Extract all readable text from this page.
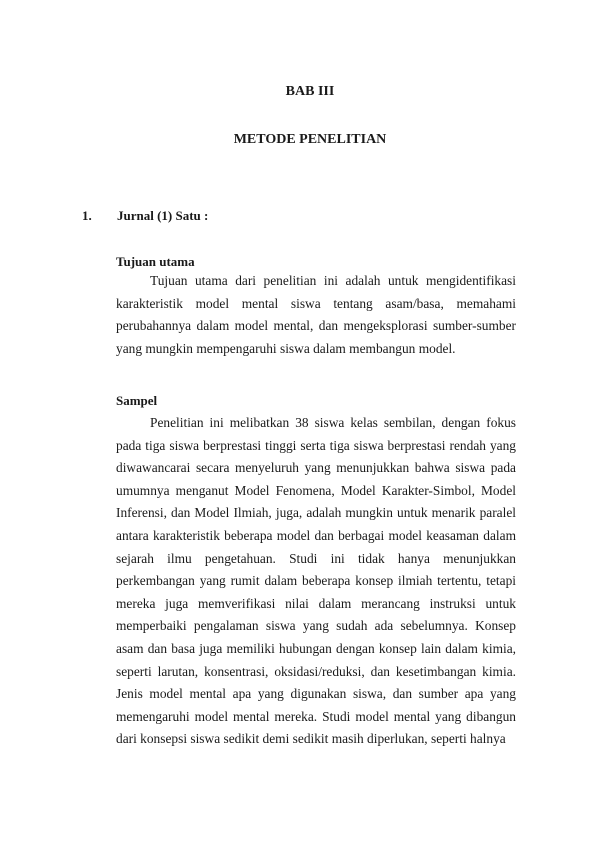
BAB III
METODE PENELITIAN
1. Jurnal (1) Satu :
Tujuan utama

Tujuan utama dari penelitian ini adalah untuk mengidentifikasi karakteristik model mental siswa tentang asam/basa, memahami perubahannya dalam model mental, dan mengeksplorasi sumber-sumber yang mungkin mempengaruhi siswa dalam membangun model.

Sampel

Penelitian ini melibatkan 38 siswa kelas sembilan, dengan fokus pada tiga siswa berprestasi tinggi serta tiga siswa berprestasi rendah yang diwawancarai secara menyeluruh yang menunjukkan bahwa siswa pada umumnya menganut Model Fenomena, Model Karakter-Simbol, Model Inferensi, dan Model Ilmiah, juga, adalah mungkin untuk menarik paralel antara karakteristik beberapa model dan berbagai model keasaman dalam sejarah ilmu pengetahuan. Studi ini tidak hanya menunjukkan perkembangan yang rumit dalam beberapa konsep ilmiah tertentu, tetapi mereka juga memverifikasi nilai dalam merancang instruksi untuk memperbaiki pengalaman siswa yang sudah ada sebelumnya. Konsep asam dan basa juga memiliki hubungan dengan konsep lain dalam kimia, seperti larutan, konsentrasi, oksidasi/reduksi, dan kesetimbangan kimia. Jenis model mental apa yang digunakan siswa, dan sumber apa yang memengaruhi model mental mereka. Studi model mental yang dibangun dari konsepsi siswa sedikit demi sedikit masih diperlukan, seperti halnya
